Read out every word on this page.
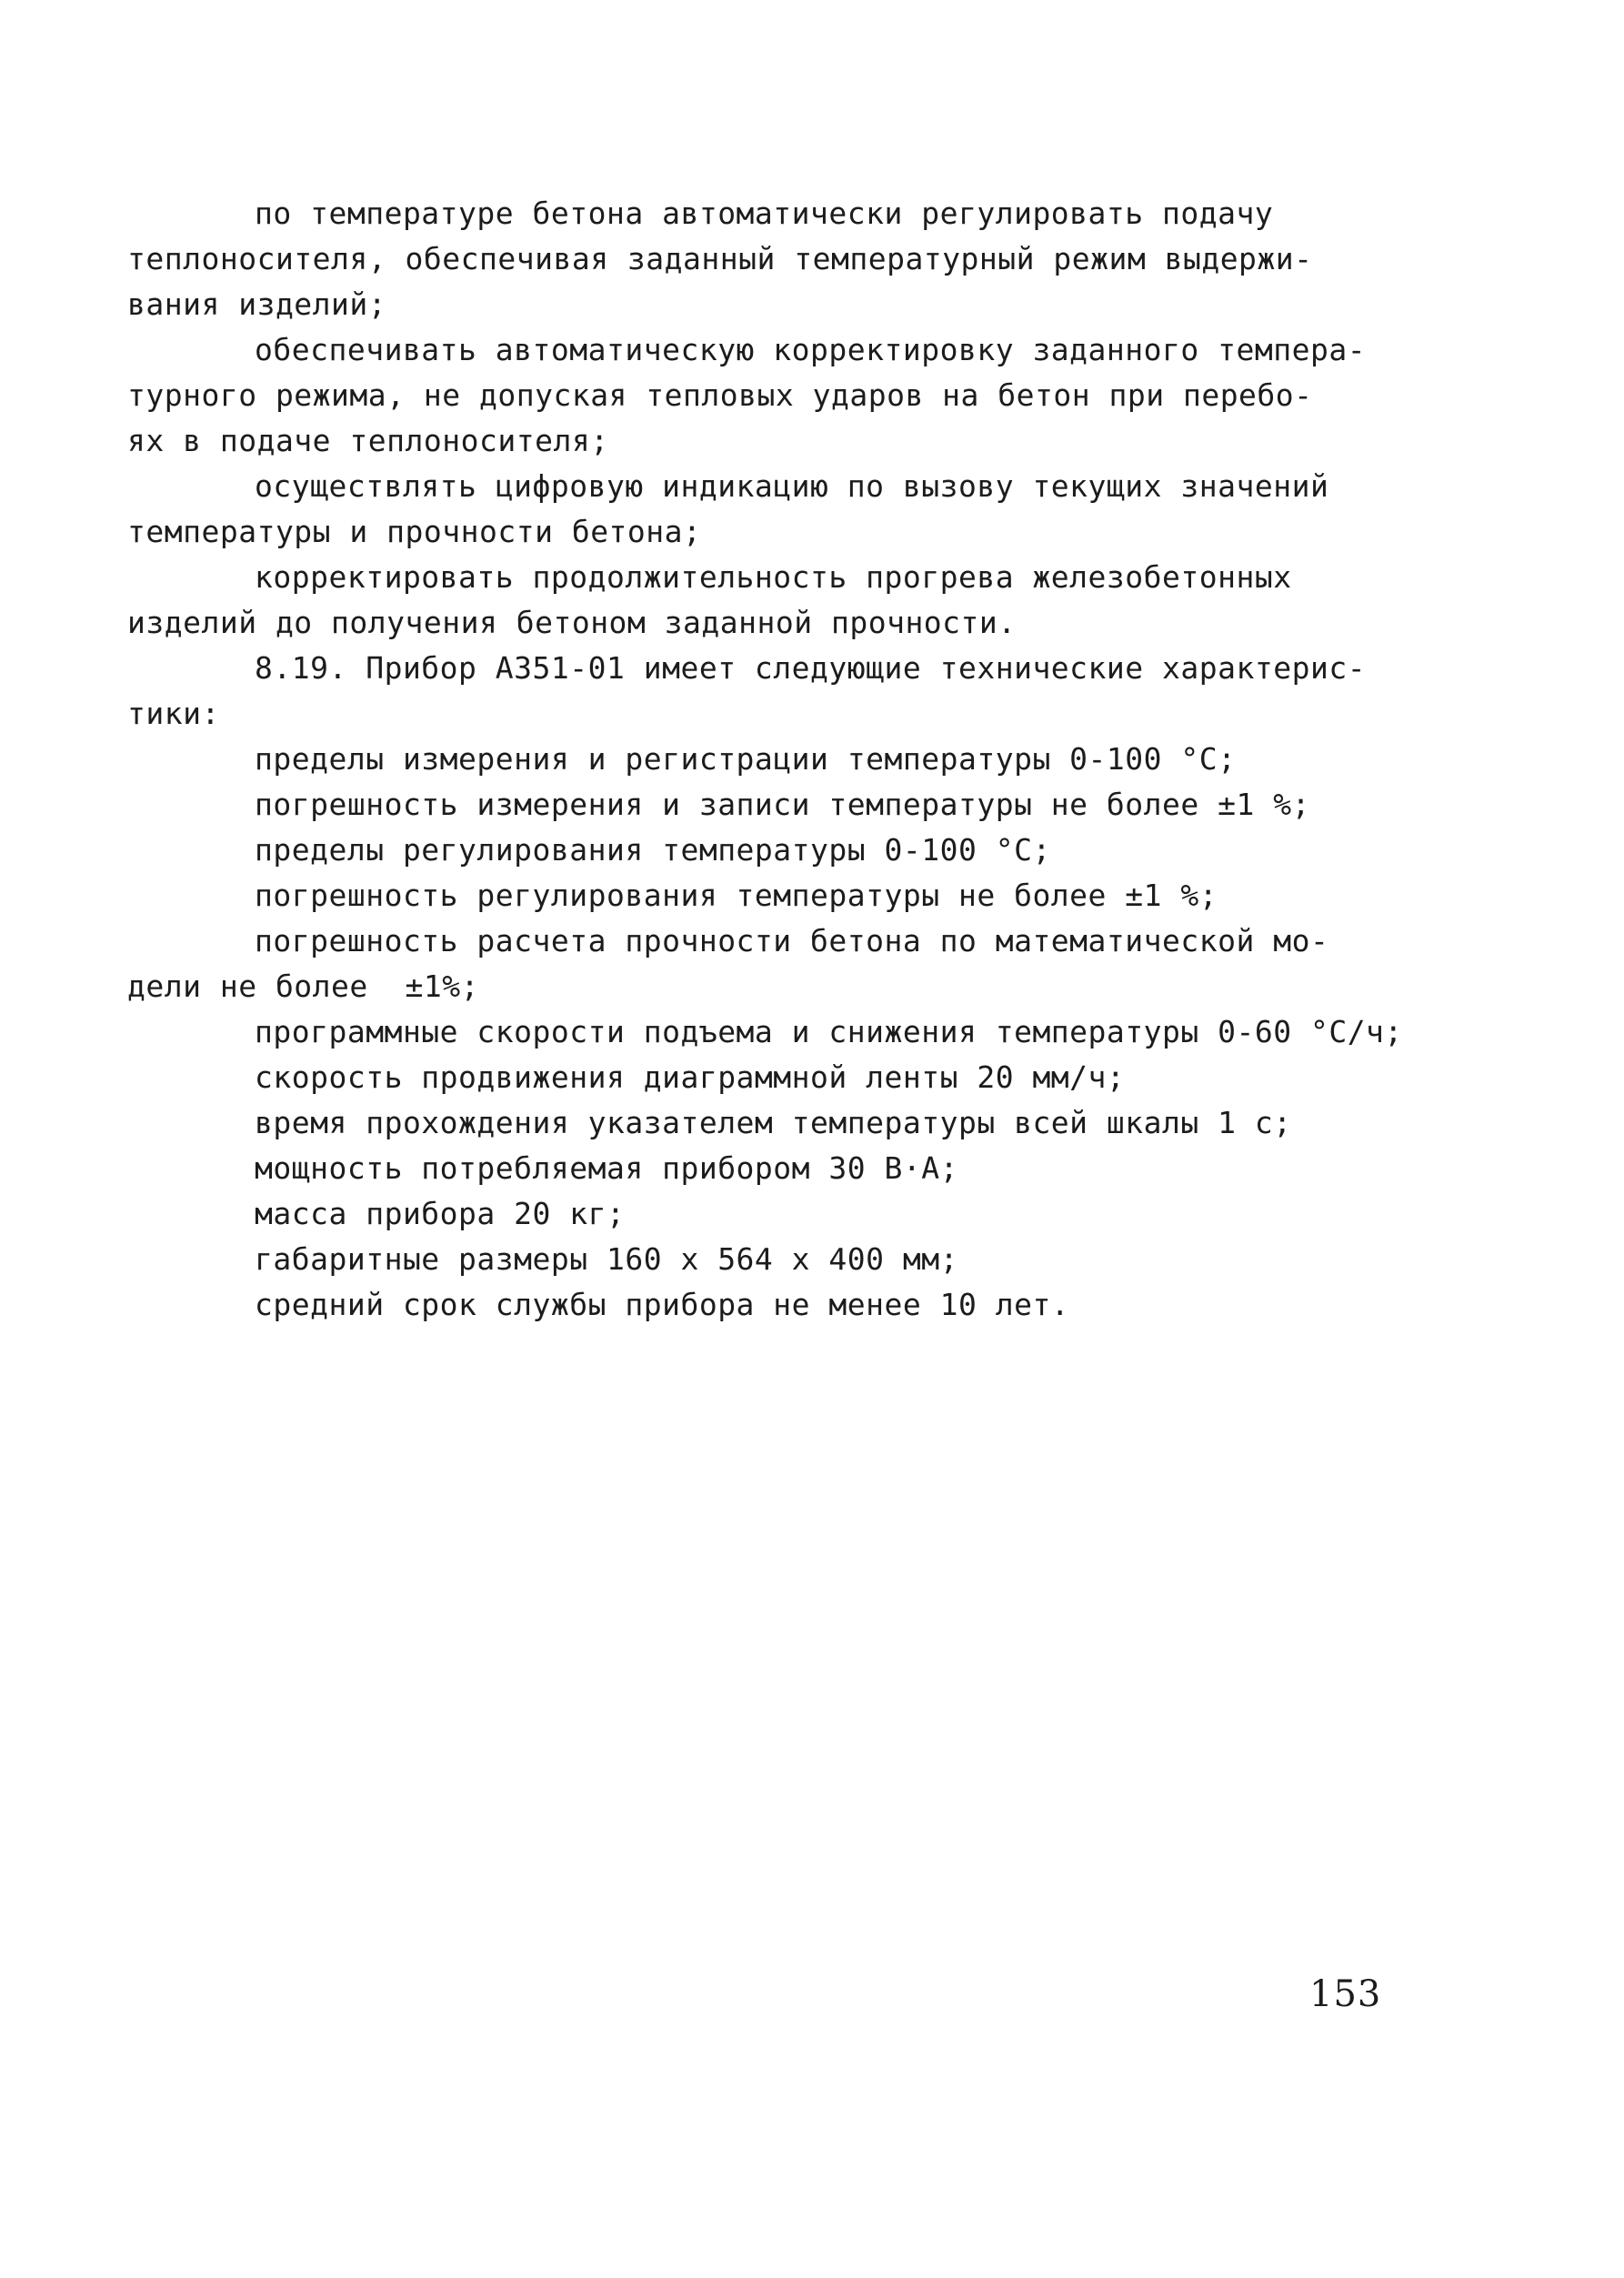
по температуре бетона автоматически регулировать подачу
теплоносителя, обеспечивая заданный температурный режим выдержи-
вания изделий;
обеспечивать автоматическую корректировку заданного темпера-
турного режима, не допуская тепловых ударов на бетон при перебо-
ях в подаче теплоносителя;
осуществлять цифровую индикацию по вызову текущих значений
температуры и прочности бетона;
корректировать продолжительность прогрева железобетонных
изделий до получения бетоном заданной прочности.
8.19. Прибор А351-01 имеет следующие технические характерис-
тики:
пределы измерения и регистрации температуры 0-100 °С;
погрешность измерения и записи температуры не более ±1 %;
пределы регулирования температуры 0-100 °С;
погрешность регулирования температуры не более ±1 %;
погрешность расчета прочности бетона по математической мо-
дели не более  ±1%;
программные скорости подъема и снижения температуры 0-60 °С/ч;
скорость продвижения диаграммной ленты 20 мм/ч;
время прохождения указателем температуры всей шкалы 1 с;
мощность потребляемая прибором 30 В·А;
масса прибора 20 кг;
габаритные размеры 160 х 564 х 400 мм;
средний срок службы прибора не менее 10 лет.
153
